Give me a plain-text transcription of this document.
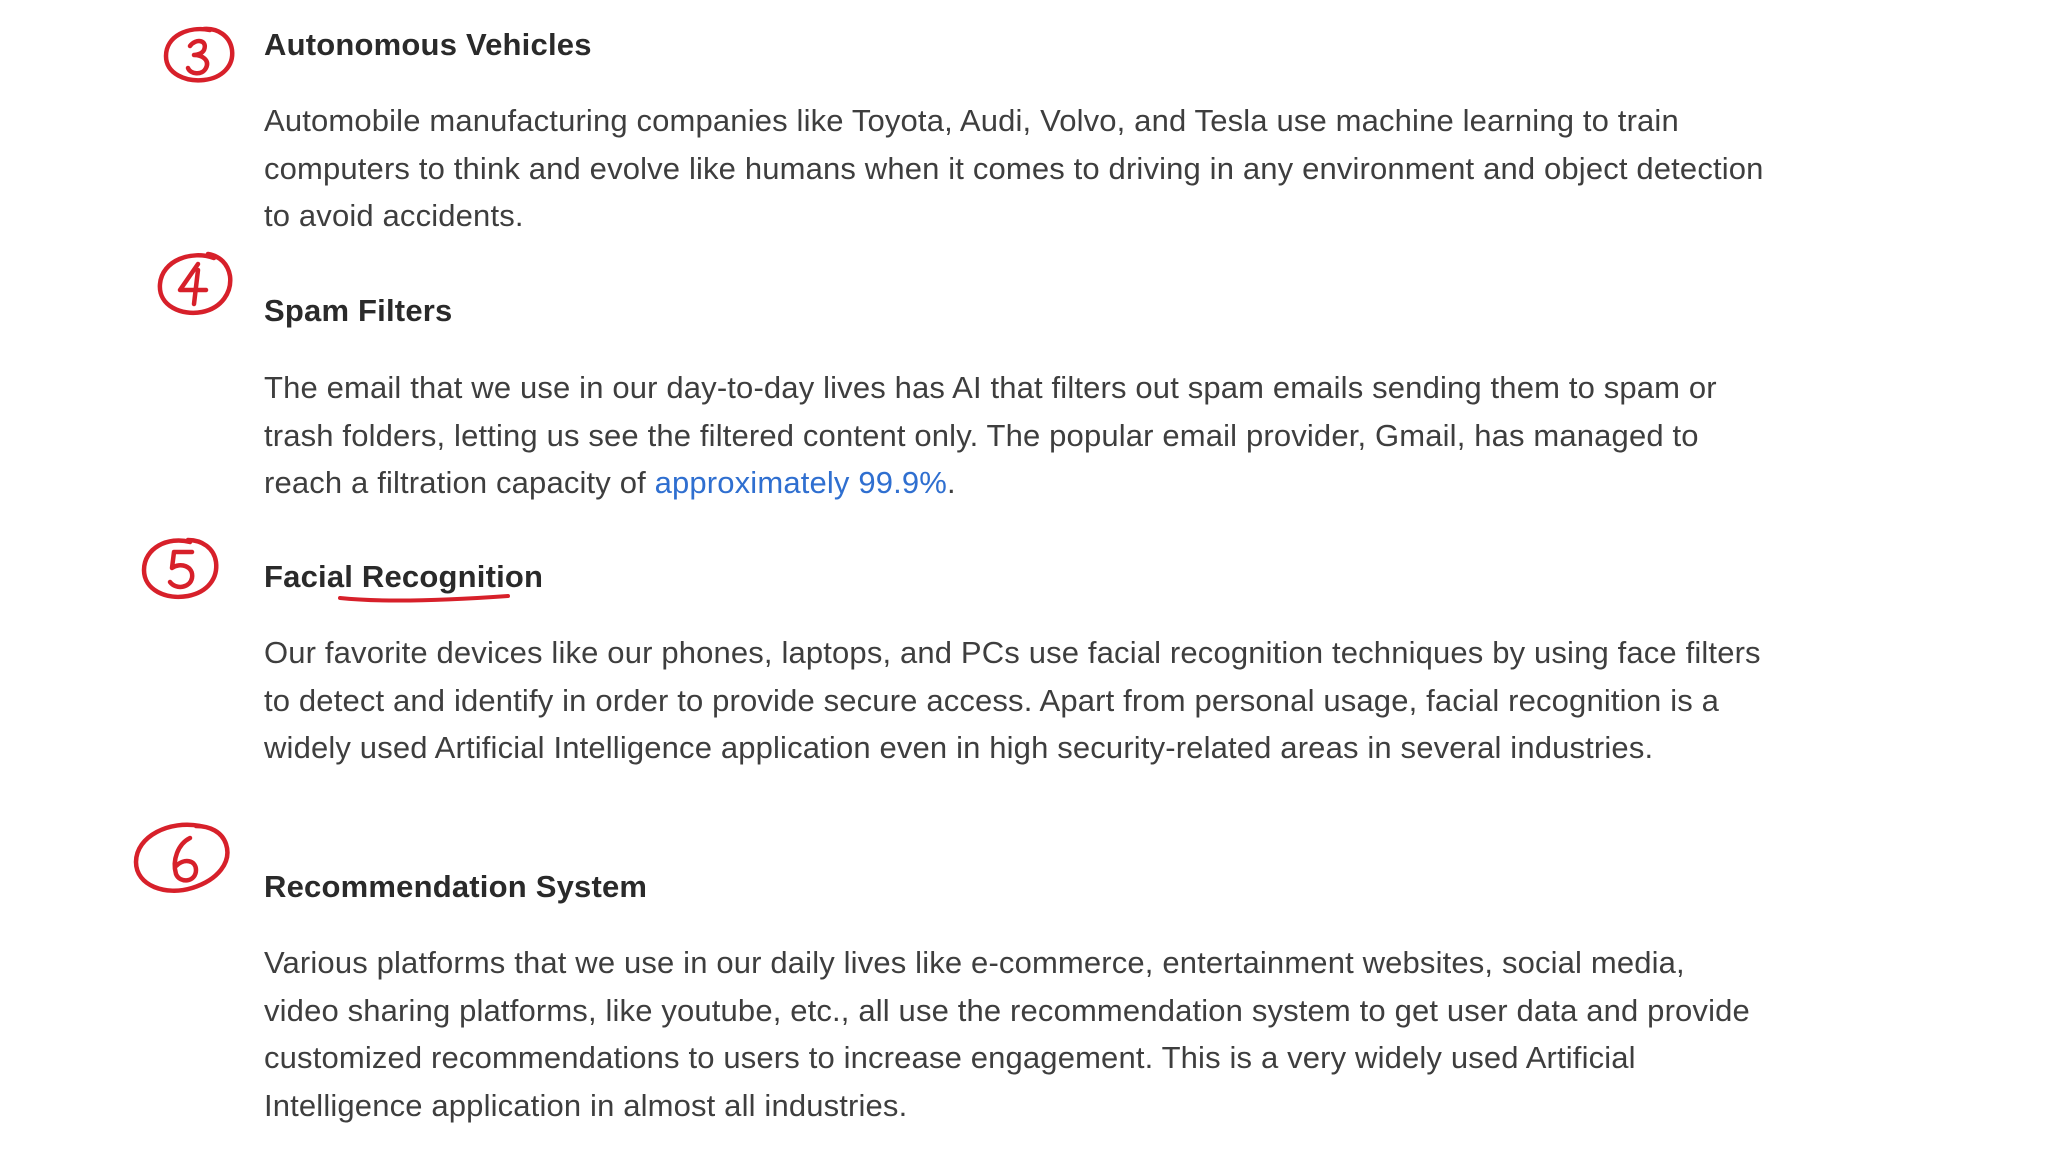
Autonomous Vehicles

Automobile manufacturing companies like Toyota, Audi, Volvo, and Tesla use machine learning to train computers to think and evolve like humans when it comes to driving in any environment and object detection to avoid accidents.

Spam Filters

The email that we use in our day-to-day lives has AI that filters out spam emails sending them to spam or trash folders, letting us see the filtered content only. The popular email provider, Gmail, has managed to reach a filtration capacity of approximately 99.9%.

Facial Recognition

Our favorite devices like our phones, laptops, and PCs use facial recognition techniques by using face filters to detect and identify in order to provide secure access. Apart from personal usage, facial recognition is a widely used Artificial Intelligence application even in high security-related areas in several industries.

Recommendation System

Various platforms that we use in our daily lives like e-commerce, entertainment websites, social media, video sharing platforms, like youtube, etc., all use the recommendation system to get user data and provide customized recommendations to users to increase engagement. This is a very widely used Artificial Intelligence application in almost all industries.
